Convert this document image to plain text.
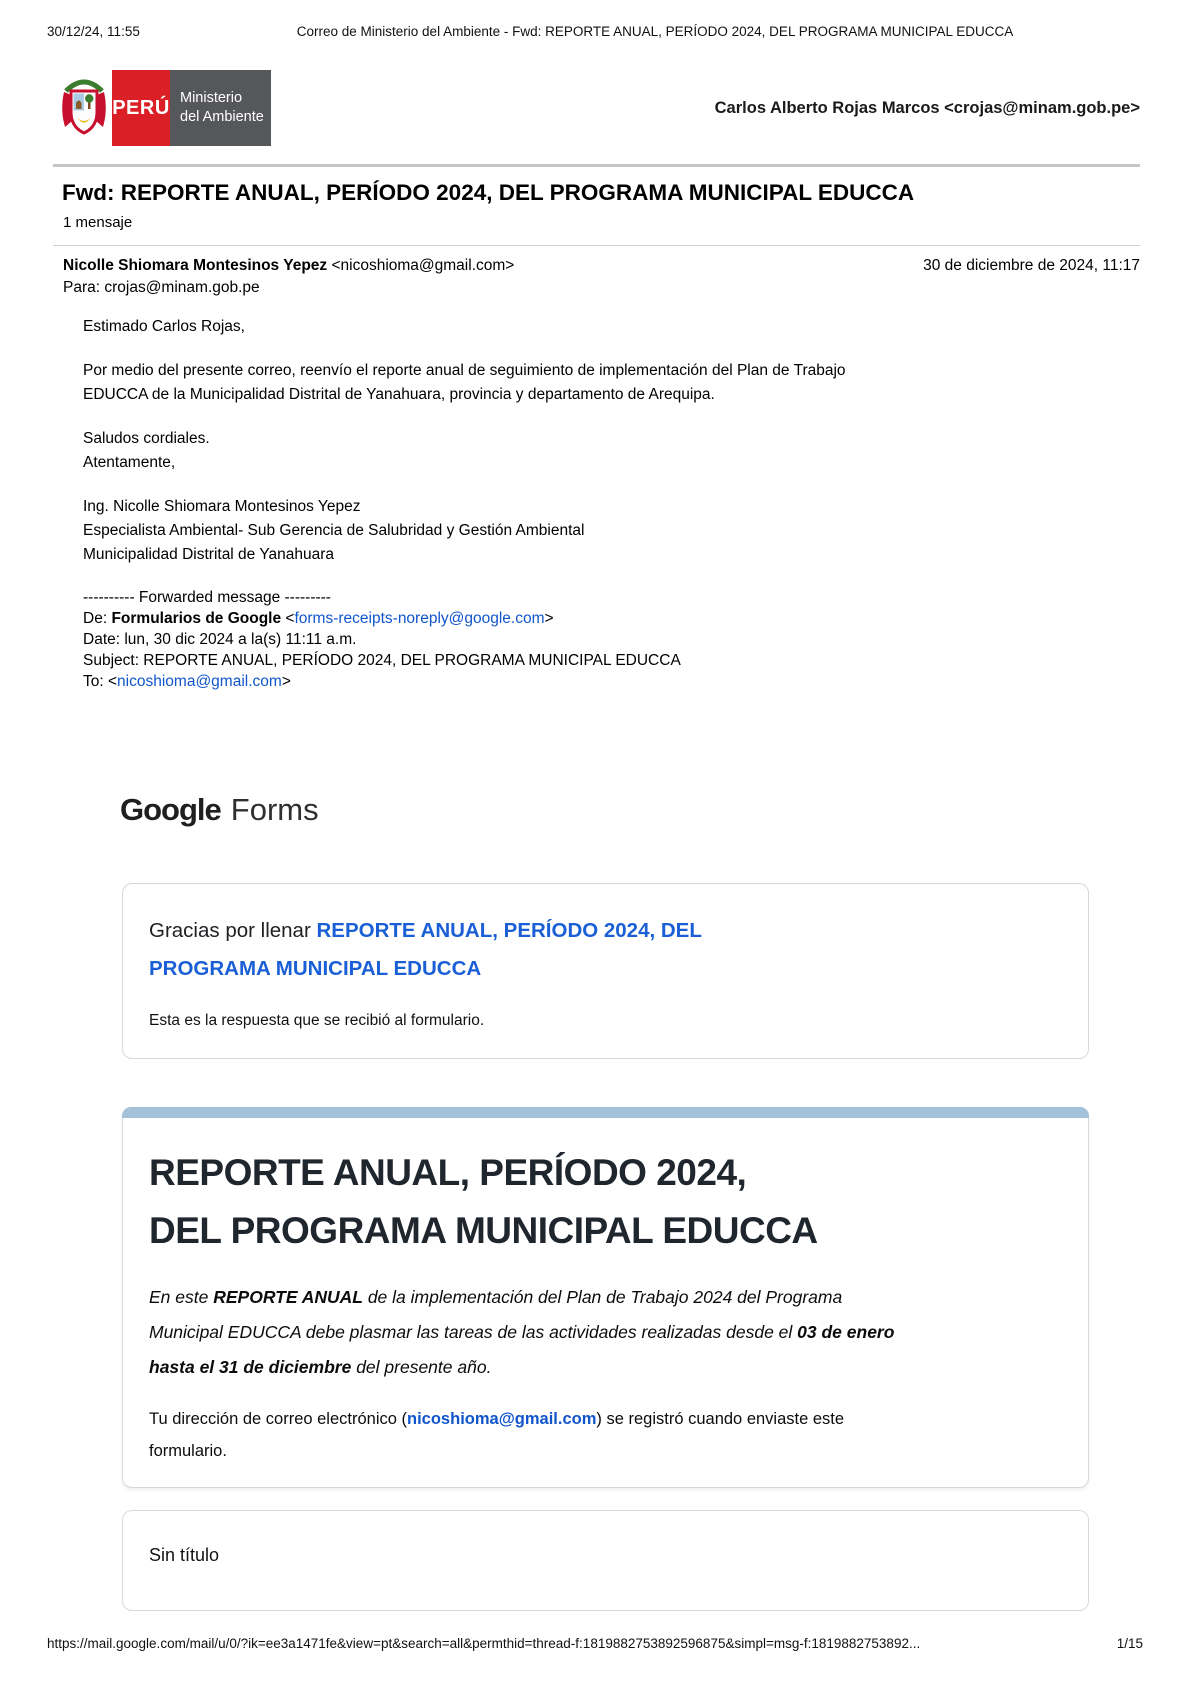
30/12/24, 11:55	Correo de Ministerio del Ambiente - Fwd: REPORTE ANUAL, PERÍODO 2024, DEL PROGRAMA MUNICIPAL EDUCCA
PERÚ Ministerio
del Ambiente
Carlos Alberto Rojas Marcos <crojas@minam.gob.pe>
Fwd: REPORTE ANUAL, PERÍODO 2024, DEL PROGRAMA MUNICIPAL EDUCCA
1 mensaje
Nicolle Shiomara Montesinos Yepez <nicoshioma@gmail.com>
Para: crojas@minam.gob.pe
30 de diciembre de 2024, 11:17
Estimado Carlos Rojas,
Por medio del presente correo, reenvío el reporte anual de seguimiento de implementación del Plan de Trabajo
EDUCCA de la Municipalidad Distrital de Yanahuara, provincia y departamento de Arequipa.
Saludos cordiales.
Atentamente,
Ing. Nicolle Shiomara Montesinos Yepez
Especialista Ambiental- Sub Gerencia de Salubridad y Gestión Ambiental
Municipalidad Distrital de Yanahuara
---------- Forwarded message ---------
De: Formularios de Google <forms-receipts-noreply@google.com>
Date: lun, 30 dic 2024 a la(s) 11:11 a.m.
Subject: REPORTE ANUAL, PERÍODO 2024, DEL PROGRAMA MUNICIPAL EDUCCA
To: <nicoshioma@gmail.com>
Google Forms
Gracias por llenar REPORTE ANUAL, PERÍODO 2024, DEL
PROGRAMA MUNICIPAL EDUCCA
Esta es la respuesta que se recibió al formulario.
REPORTE ANUAL, PERÍODO 2024,
DEL PROGRAMA MUNICIPAL EDUCCA
En este REPORTE ANUAL de la implementación del Plan de Trabajo 2024 del Programa
Municipal EDUCCA debe plasmar las tareas de las actividades realizadas desde el 03 de enero
hasta el 31 de diciembre del presente año.
Tu dirección de correo electrónico (nicoshioma@gmail.com) se registró cuando enviaste este
formulario.
Sin título
https://mail.google.com/mail/u/0/?ik=ee3a1471fe&view=pt&search=all&permthid=thread-f:1819882753892596875&simpl=msg-f:1819882753892...	1/15
